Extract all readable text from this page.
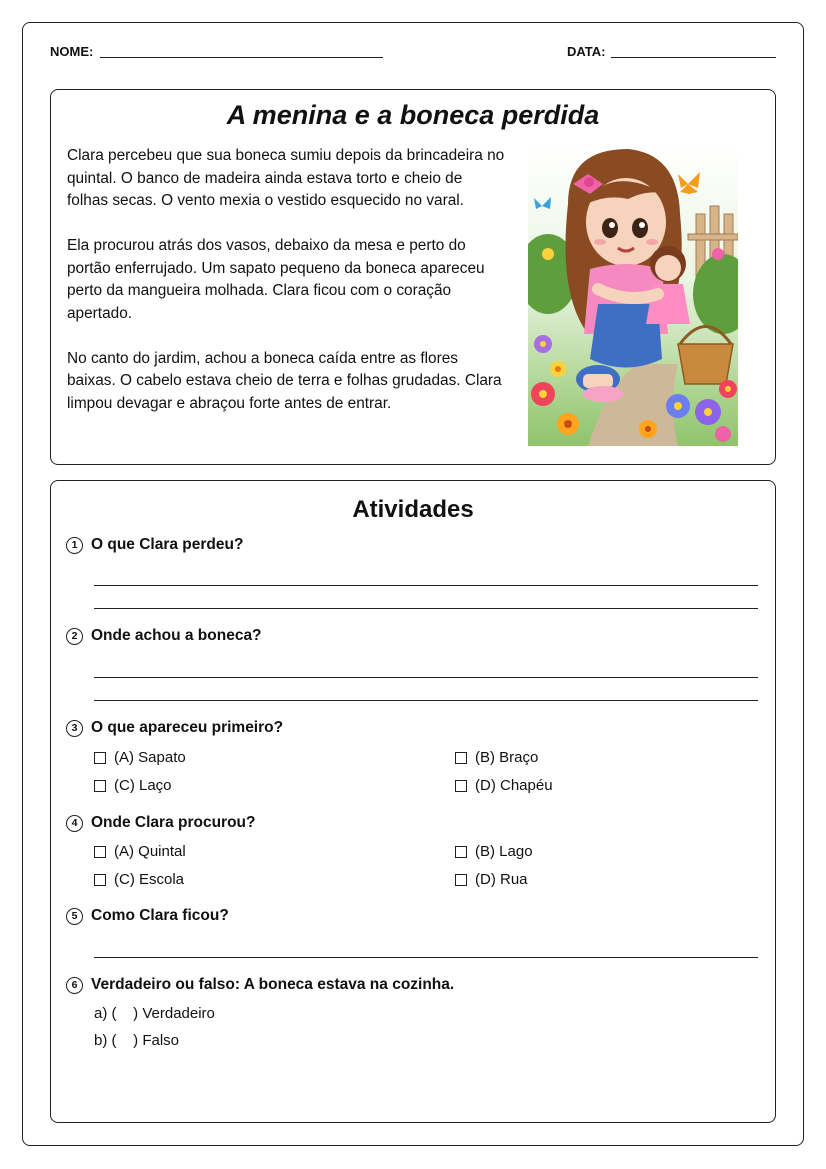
NOME:	DATA:
A menina e a boneca perdida

Clara percebeu que sua boneca sumiu depois da brincadeira no quintal. O banco de madeira ainda estava torto e cheio de folhas secas. O vento mexia o vestido esquecido no varal.

Ela procurou atrás dos vasos, debaixo da mesa e perto do portão enferrujado. Um sapato pequeno da boneca apareceu perto da mangueira molhada. Clara ficou com o coração apertado.

No canto do jardim, achou a boneca caída entre as flores baixas. O cabelo estava cheio de terra e folhas grudadas. Clara limpou devagar e abraçou forte antes de entrar.

Atividades
1 O que Clara perdeu?
2 Onde achou a boneca?
3 O que apareceu primeiro?
(A) Sapato	(B) Braço
(C) Laço	(D) Chapéu
4 Onde Clara procurou?
(A) Quintal	(B) Lago
(C) Escola	(D) Rua
5 Como Clara ficou?
6 Verdadeiro ou falso: A boneca estava na cozinha.
a) (    ) Verdadeiro
b) (    ) Falso
